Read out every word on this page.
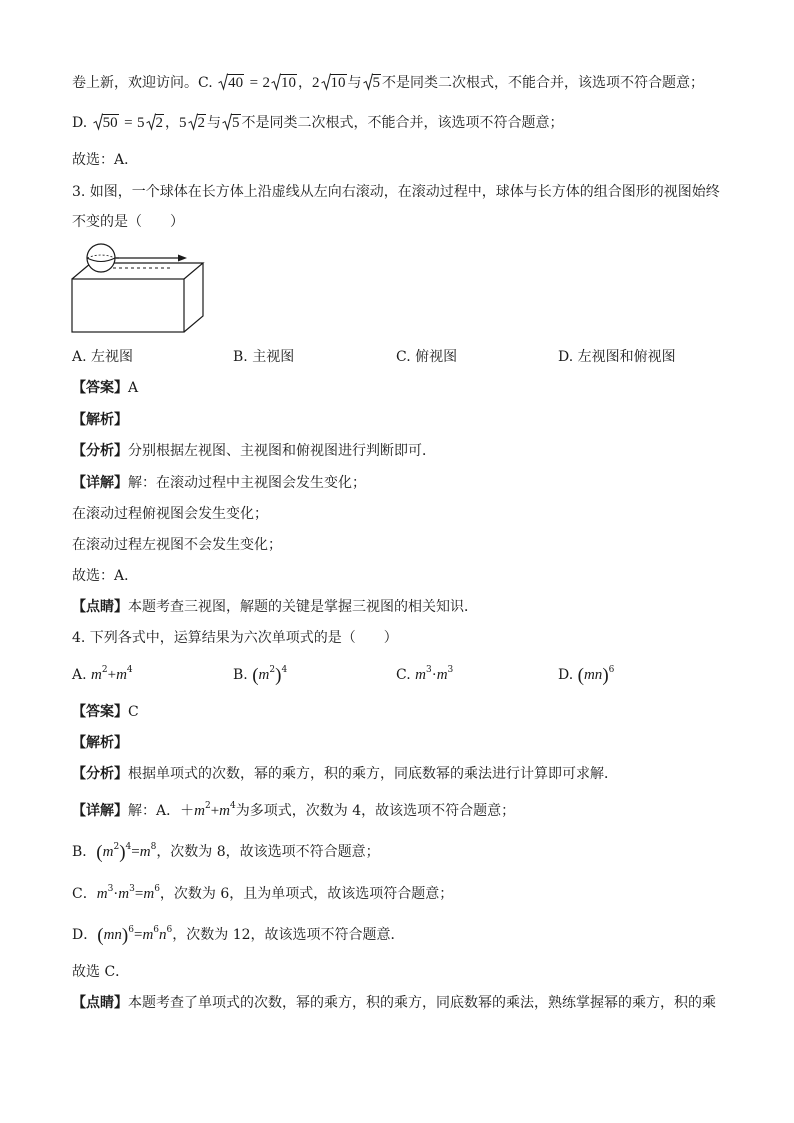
卷上新，欢迎访问。C.
40 = 2 10 ，2 10 与 5 不是同类二次根式，不能合并，该选项不符合题意；
D.
50 = 5 2 ，5 2 与 5 不是同类二次根式，不能合并，该选项不符合题意；
故选：A．
3. 如图，一个球体在长方体上沿虚线从左向右滚动，在滚动过程中，球体与长方体的组合图形的视图始终
不变的是（　　）
A. 左视图	B. 主视图	C. 俯视图	D. 左视图和俯视图
【答案】A
【解析】
【分析】分别根据左视图、主视图和俯视图进行判断即可．
【详解】解：在滚动过程中主视图会发生变化；
在滚动过程俯视图会发生变化；
在滚动过程左视图不会发生变化；
故选：A．
【点睛】本题考查三视图，解题的关键是掌握三视图的相关知识．
4. 下列各式中，运算结果为六次单项式的是（　　）
A. $m^2+m^4$	B. $(m^2)^4$	C. $m^3\cdot m^3$	D. (mn)$^6$
【答案】C
【解析】
【分析】根据单项式的次数，幂的乘方，积的乘方，同底数幂的乘法进行计算即可求解．
【详解】解：A．$+m^2+m^4$为多项式，次数为 4，故该选项不符合题意；
B．$(m^2)^4=m^8$，次数为 8，故该选项不符合题意；
C．$m^3\cdot m^3=m^6$，次数为 6，且为单项式，故该选项符合题意；
D．$(mn)^6=m^6n^6$，次数为 12，故该选项不符合题意．
故选 C．
【点睛】本题考查了单项式的次数，幂的乘方，积的乘方，同底数幂的乘法，熟练掌握幂的乘方，积的乘
